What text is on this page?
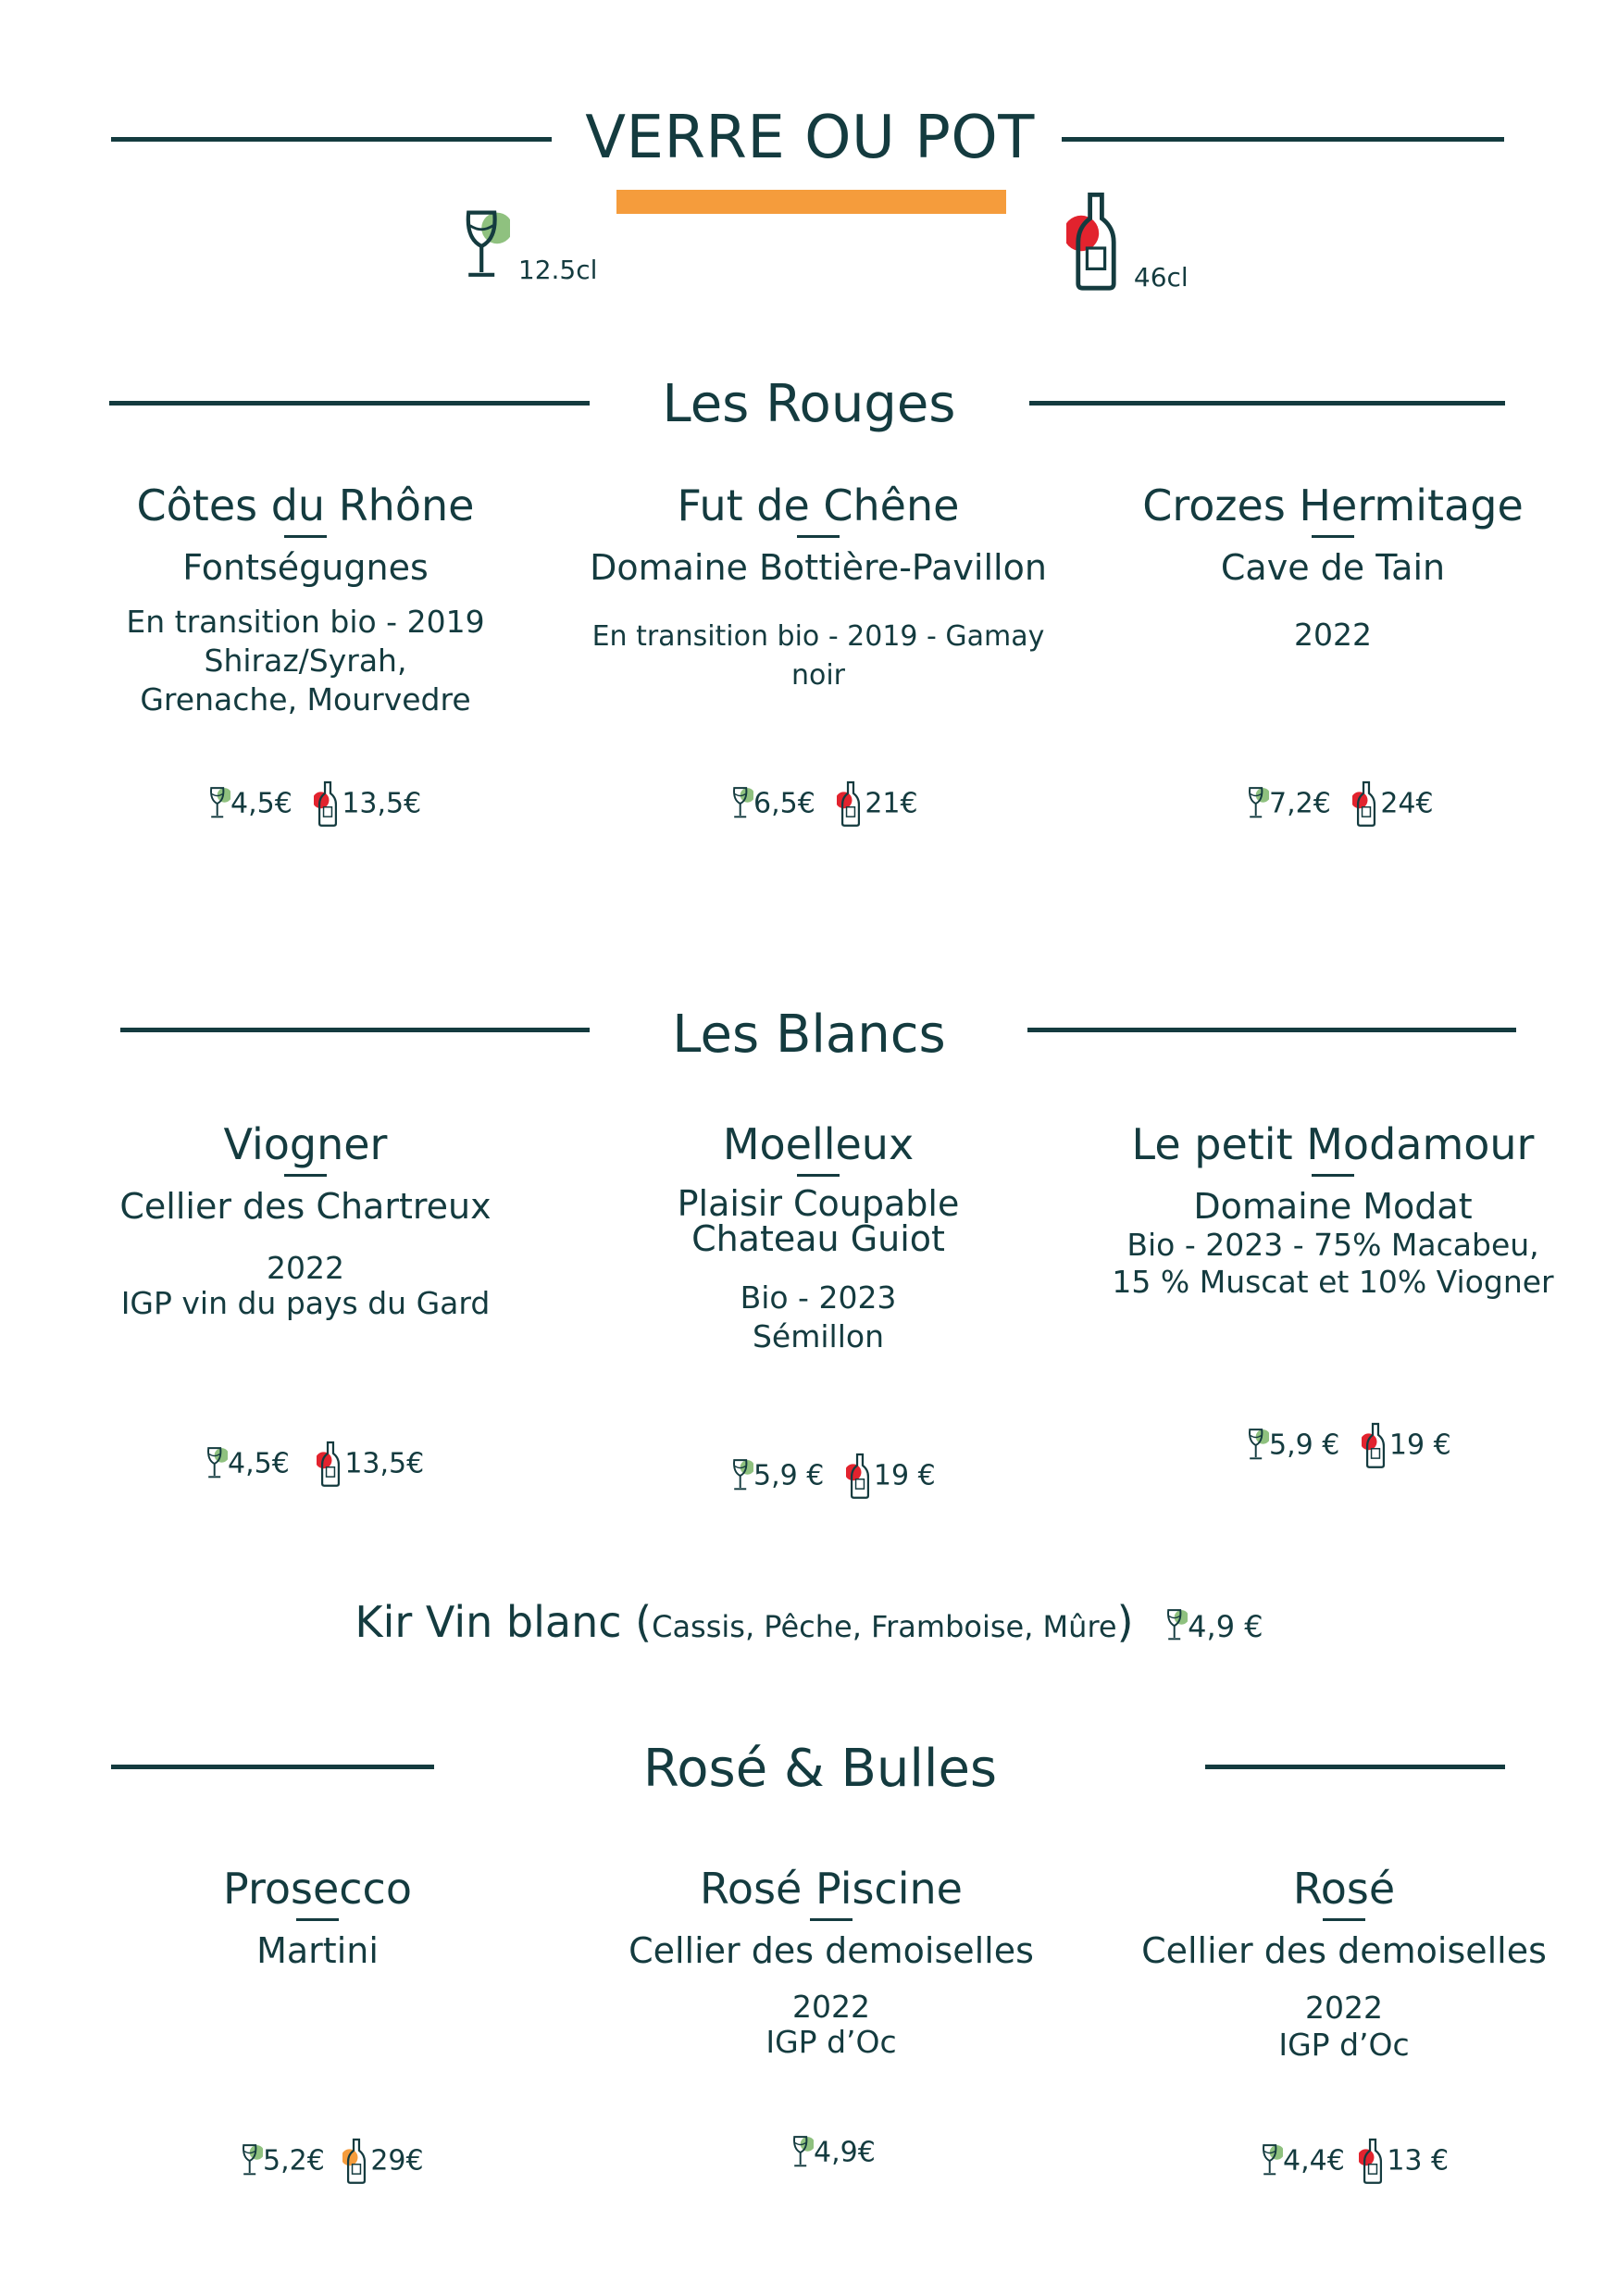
VERRE OU POT
12.5cl	46cl
Les Rouges
Côtes du Rhône
Fontségugnes
En transition bio - 2019
Shiraz/Syrah,
Grenache, Mourvedre
4,5€ 13,5€
Fut de Chêne
Domaine Bottière-Pavillon
En transition bio - 2019 - Gamay
noir
6,5€ 21€
Crozes Hermitage
Cave de Tain
2022
7,2€ 24€
Les Blancs
Viogner
Cellier des Chartreux
2022
IGP vin du pays du Gard
4,5€ 13,5€
Moelleux
Plaisir Coupable
Chateau Guiot
Bio - 2023
Sémillon
5,9 € 19 €
Le petit Modamour
Domaine Modat
Bio - 2023 - 75% Macabeu,
15 % Muscat et 10% Viogner
5,9 € 19 €
Kir Vin blanc (Cassis, Pêche, Framboise, Mûre) 4,9 €
Rosé & Bulles
Prosecco
Martini
5,2€ 29€
Rosé Piscine
Cellier des demoiselles
2022
IGP d’Oc
4,9€
Rosé
Cellier des demoiselles
2022
IGP d’Oc
4,4€ 13 €
